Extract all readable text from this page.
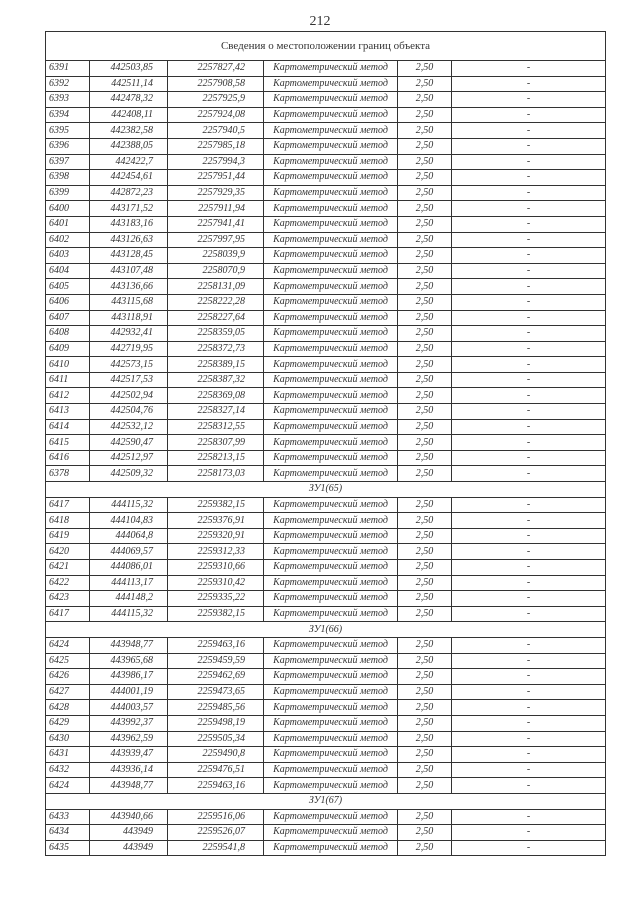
212
Сведения о местоположении границ объекта					
6391	442503,85	2257827,42	Картометрический метод	2,50	-
6392	442511,14	2257908,58	Картометрический метод	2,50	-
6393	442478,32	2257925,9	Картометрический метод	2,50	-
6394	442408,11	2257924,08	Картометрический метод	2,50	-
6395	442382,58	2257940,5	Картометрический метод	2,50	-
6396	442388,05	2257985,18	Картометрический метод	2,50	-
6397	442422,7	2257994,3	Картометрический метод	2,50	-
6398	442454,61	2257951,44	Картометрический метод	2,50	-
6399	442872,23	2257929,35	Картометрический метод	2,50	-
6400	443171,52	2257911,94	Картометрический метод	2,50	-
6401	443183,16	2257941,41	Картометрический метод	2,50	-
6402	443126,63	2257997,95	Картометрический метод	2,50	-
6403	443128,45	2258039,9	Картометрический метод	2,50	-
6404	443107,48	2258070,9	Картометрический метод	2,50	-
6405	443136,66	2258131,09	Картометрический метод	2,50	-
6406	443115,68	2258222,28	Картометрический метод	2,50	-
6407	443118,91	2258227,64	Картометрический метод	2,50	-
6408	442932,41	2258359,05	Картометрический метод	2,50	-
6409	442719,95	2258372,73	Картометрический метод	2,50	-
6410	442573,15	2258389,15	Картометрический метод	2,50	-
6411	442517,53	2258387,32	Картометрический метод	2,50	-
6412	442502,94	2258369,08	Картометрический метод	2,50	-
6413	442504,76	2258327,14	Картометрический метод	2,50	-
6414	442532,12	2258312,55	Картометрический метод	2,50	-
6415	442590,47	2258307,99	Картометрический метод	2,50	-
6416	442512,97	2258213,15	Картометрический метод	2,50	-
6378	442509,32	2258173,03	Картометрический метод	2,50	-
ЗУ1(65)					
6417	444115,32	2259382,15	Картометрический метод	2,50	-
6418	444104,83	2259376,91	Картометрический метод	2,50	-
6419	444064,8	2259320,91	Картометрический метод	2,50	-
6420	444069,57	2259312,33	Картометрический метод	2,50	-
6421	444086,01	2259310,66	Картометрический метод	2,50	-
6422	444113,17	2259310,42	Картометрический метод	2,50	-
6423	444148,2	2259335,22	Картометрический метод	2,50	-
6417	444115,32	2259382,15	Картометрический метод	2,50	-
ЗУ1(66)					
6424	443948,77	2259463,16	Картометрический метод	2,50	-
6425	443965,68	2259459,59	Картометрический метод	2,50	-
6426	443986,17	2259462,69	Картометрический метод	2,50	-
6427	444001,19	2259473,65	Картометрический метод	2,50	-
6428	444003,57	2259485,56	Картометрический метод	2,50	-
6429	443992,37	2259498,19	Картометрический метод	2,50	-
6430	443962,59	2259505,34	Картометрический метод	2,50	-
6431	443939,47	2259490,8	Картометрический метод	2,50	-
6432	443936,14	2259476,51	Картометрический метод	2,50	-
6424	443948,77	2259463,16	Картометрический метод	2,50	-
ЗУ1(67)					
6433	443940,66	2259516,06	Картометрический метод	2,50	-
6434	443949	2259526,07	Картометрический метод	2,50	-
6435	443949	2259541,8	Картометрический метод	2,50	-
